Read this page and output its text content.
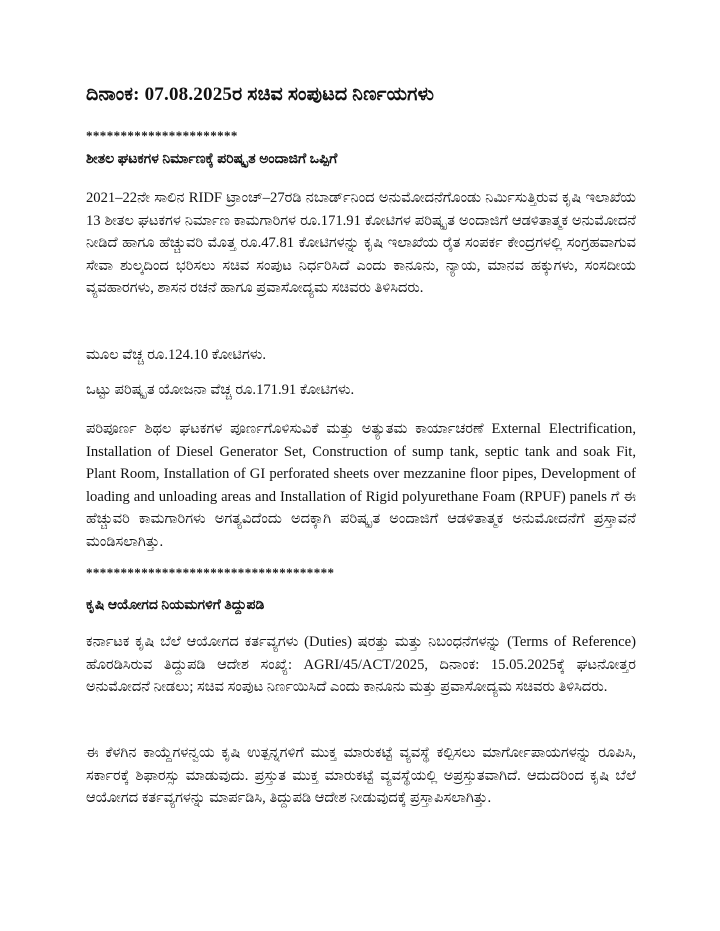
ದಿನಾಂಕ: 07.08.2025ರ ಸಚಿವ ಸಂಪುಟದ ನಿರ್ಣಯಗಳು
**********************
ಶೀತಲ ಘಟಕಗಳ ನಿರ್ಮಾಣಕ್ಕೆ ಪರಿಷ್ಕೃತ ಅಂದಾಜಿಗೆ ಒಪ್ಪಿಗೆ
2021–22ನೇ ಸಾಲಿನ RIDF ಟ್ರಾಂಚ್–27ರಡಿ ನಬಾರ್ಡ್‌ನಿಂದ ಅನುಮೋದನೆಗೊಂಡು ನಿರ್ಮಿಸುತ್ತಿರುವ ಕೃಷಿ ಇಲಾಖೆಯ 13 ಶೀತಲ ಘಟಕಗಳ ನಿರ್ಮಾಣ ಕಾಮಗಾರಿಗಳ ರೂ.171.91 ಕೋಟಿಗಳ ಪರಿಷ್ಕೃತ ಅಂದಾಜಿಗೆ ಆಡಳಿತಾತ್ಮಕ ಅನುಮೋದನೆ ನೀಡಿದೆ ಹಾಗೂ ಹೆಚ್ಚುವರಿ ಮೊತ್ತ ರೂ.47.81 ಕೋಟಿಗಳನ್ನು ಕೃಷಿ ಇಲಾಖೆಯ ರೈತ ಸಂಪರ್ಕ ಕೇಂದ್ರಗಳಲ್ಲಿ ಸಂಗ್ರಹವಾಗುವ ಸೇವಾ ಶುಲ್ಕದಿಂದ ಭರಿಸಲು ಸಚಿವ ಸಂಪುಟ ನಿರ್ಧರಿಸಿದೆ ಎಂದು ಕಾನೂನು, ನ್ಯಾಯ, ಮಾನವ ಹಕ್ಕುಗಳು, ಸಂಸದೀಯ ವ್ಯವಹಾರಗಳು, ಶಾಸನ ರಚನೆ ಹಾಗೂ ಪ್ರವಾಸೋದ್ಯಮ ಸಚಿವರು ತಿಳಿಸಿದರು.
ಮೂಲ ವೆಚ್ಚ ರೂ.124.10 ಕೋಟಿಗಳು.
ಒಟ್ಟು ಪರಿಷ್ಕೃತ ಯೋಜನಾ ವೆಚ್ಚ ರೂ.171.91 ಕೋಟಿಗಳು.
ಪರಿಪೂರ್ಣ ಶಿಥಲ ಘಟಕಗಳ ಪೂರ್ಣಗೊಳಿಸುವಿಕೆ ಮತ್ತು ಅತ್ಯುತಮ ಕಾರ್ಯಾಚರಣೆ External Electrification, Installation of Diesel Generator Set, Construction of sump tank, septic tank and soak Fit, Plant Room, Installation of GI perforated sheets over mezzanine floor pipes, Development of loading and unloading areas and Installation of Rigid polyurethane Foam (RPUF) panels ಗೆ ಈ ಹೆಚ್ಚುವರಿ ಕಾಮಗಾರಿಗಳು ಅಗತ್ಯವಿದೆಂದು ಅದಕ್ಕಾಗಿ ಪರಿಷ್ಕೃತ ಅಂದಾಜಿಗೆ ಆಡಳಿತಾತ್ಮಕ ಅನುಮೋದನೆಗೆ ಪ್ರಸ್ತಾವನೆ ಮಂಡಿಸಲಾಗಿತ್ತು.
************************************
ಕೃಷಿ ಆಯೋಗದ ನಿಯಮಗಳಿಗೆ ತಿದ್ದುಪಡಿ
ಕರ್ನಾಟಕ ಕೃಷಿ ಬೆಲೆ ಆಯೋಗದ ಕರ್ತವ್ಯಗಳು (Duties) ಷರತ್ತು ಮತ್ತು ನಿಬಂಧನೆಗಳನ್ನು (Terms of Reference) ಹೊರಡಿಸಿರುವ ತಿದ್ದುಪಡಿ ಆದೇಶ ಸಂಖ್ಯೆ: AGRI/45/ACT/2025, ದಿನಾಂಕ: 15.05.2025ಕ್ಕೆ ಘಟನೋತ್ತರ ಅನುಮೋದನೆ ನೀಡಲು; ಸಚಿವ ಸಂಪುಟ ನಿರ್ಣಯಿಸಿದೆ ಎಂದು ಕಾನೂನು ಮತ್ತು ಪ್ರವಾಸೋದ್ಯಮ ಸಚಿವರು ತಿಳಿಸಿದರು.
ಈ ಕೆಳಗಿನ ಕಾಯ್ದೆಗಳನ್ವಯ ಕೃಷಿ ಉತ್ಪನ್ನಗಳಿಗೆ ಮುಕ್ತ ಮಾರುಕಟ್ಟೆ ವ್ಯವಸ್ಥೆ ಕಲ್ಪಿಸಲು ಮಾರ್ಗೋಪಾಯಗಳನ್ನು ರೂಪಿಸಿ, ಸರ್ಕಾರಕ್ಕೆ ಶಿಫಾರಸ್ಸು ಮಾಡುವುದು. ಪ್ರಸ್ತುತ ಮುಕ್ತ ಮಾರುಕಟ್ಟೆ ವ್ಯವಸ್ಥೆಯಲ್ಲಿ ಅಪ್ರಸ್ತುತವಾಗಿದೆ. ಆದುದರಿಂದ ಕೃಷಿ ಬೆಲೆ ಆಯೋಗದ ಕರ್ತವ್ಯಗಳನ್ನು ಮಾರ್ಪಡಿಸಿ, ತಿದ್ದುಪಡಿ ಆದೇಶ ನೀಡುವುದಕ್ಕೆ ಪ್ರಸ್ತಾಪಿಸಲಾಗಿತ್ತು.
